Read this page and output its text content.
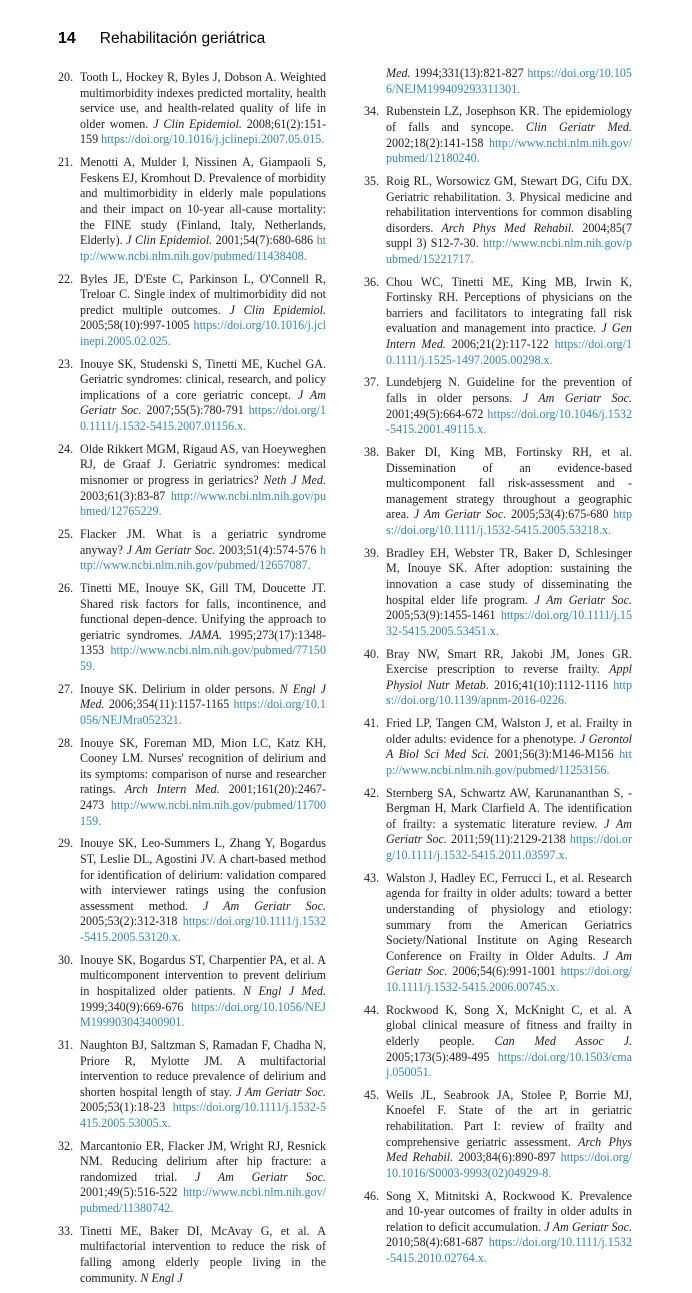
14 Rehabilitación geriátrica
20. Tooth L, Hockey R, Byles J, Dobson A. Weighted multimorbidity indexes predicted mortality, health service use, and health-related quality of life in older women. J Clin Epidemiol. 2008;61(2):151-159 https://doi.org/10.1016/j.jclinepi.2007.05.015.
21. Menotti A, Mulder I, Nissinen A, Giampaoli S, Feskens EJ, Kromhout D. Prevalence of morbidity and multimorbidity in elderly male populations and their impact on 10-year all-cause mortality: the FINE study (Finland, Italy, Netherlands, Elderly). J Clin Epidemiol. 2001;54(7):680-686 http://www.ncbi.nlm.nih.gov/pubmed/11438408.
22. Byles JE, D'Este C, Parkinson L, O'Connell R, Treloar C. Single index of multimorbidity did not predict multiple outcomes. J Clin Epidemiol. 2005;58(10):997-1005 https://doi.org/10.1016/j.jclinepi.2005.02.025.
23. Inouye SK, Studenski S, Tinetti ME, Kuchel GA. Geriatric syndromes: clinical, research, and policy implications of a core geriatric concept. J Am Geriatr Soc. 2007;55(5):780-791 https://doi.org/10.1111/j.1532-5415.2007.01156.x.
24. Olde Rikkert MGM, Rigaud AS, van Hoeyweghen RJ, de Graaf J. Geriatric syndromes: medical misnomer or progress in geriatrics? Neth J Med. 2003;61(3):83-87 http://www.ncbi.nlm.nih.gov/pubmed/12765229.
25. Flacker JM. What is a geriatric syndrome anyway? J Am Geriatr Soc. 2003;51(4):574-576 http://www.ncbi.nlm.nih.gov/pubmed/12657087.
26. Tinetti ME, Inouye SK, Gill TM, Doucette JT. Shared risk factors for falls, incontinence, and functional depen-dence. Unifying the approach to geriatric syndromes. JAMA. 1995;273(17):1348-1353 http://www.ncbi.nlm.nih.gov/pubmed/7715059.
27. Inouye SK. Delirium in older persons. N Engl J Med. 2006;354(11):1157-1165 https://doi.org/10.1056/NEJMra052321.
28. Inouye SK, Foreman MD, Mion LC, Katz KH, Cooney LM. Nurses' recognition of delirium and its symptoms: comparison of nurse and researcher ratings. Arch Intern Med. 2001;161(20):2467-2473 http://www.ncbi.nlm.nih.gov/pubmed/11700159.
29. Inouye SK, Leo-Summers L, Zhang Y, Bogardus ST, Leslie DL, Agostini JV. A chart-based method for identification of delirium: validation compared with interviewer ratings using the confusion assessment method. J Am Geriatr Soc. 2005;53(2):312-318 https://doi.org/10.1111/j.1532-5415.2005.53120.x.
30. Inouye SK, Bogardus ST, Charpentier PA, et al. A multicomponent intervention to prevent delirium in hospitalized older patients. N Engl J Med. 1999;340(9):669-676 https://doi.org/10.1056/NEJM199903043400901.
31. Naughton BJ, Saltzman S, Ramadan F, Chadha N, Priore R, Mylotte JM. A multifactorial intervention to reduce prevalence of delirium and shorten hospital length of stay. J Am Geriatr Soc. 2005;53(1):18-23 https://doi.org/10.1111/j.1532-5415.2005.53005.x.
32. Marcantonio ER, Flacker JM, Wright RJ, Resnick NM. Reducing delirium after hip fracture: a randomized trial. J Am Geriatr Soc. 2001;49(5):516-522 http://www.ncbi.nlm.nih.gov/pubmed/11380742.
33. Tinetti ME, Baker DI, McAvay G, et al. A multifactorial intervention to reduce the risk of falling among elderly people living in the community. N Engl J
Med. 1994;331(13):821-827 https://doi.org/10.1056/NEJM199409293311301.
34. Rubenstein LZ, Josephson KR. The epidemiology of falls and syncope. Clin Geriatr Med. 2002;18(2):141-158 http://www.ncbi.nlm.nih.gov/pubmed/12180240.
35. Roig RL, Worsowicz GM, Stewart DG, Cifu DX. Geriatric rehabilitation. 3. Physical medicine and rehabilitation interventions for common disabling disorders. Arch Phys Med Rehabil. 2004;85(7 suppl 3) S12-7-30. http://www.ncbi.nlm.nih.gov/pubmed/15221717.
36. Chou WC, Tinetti ME, King MB, Irwin K, Fortinsky RH. Perceptions of physicians on the barriers and facilitators to integrating fall risk evaluation and management into practice. J Gen Intern Med. 2006;21(2):117-122 https://doi.org/10.1111/j.1525-1497.2005.00298.x.
37. Lundebjerg N. Guideline for the prevention of falls in older persons. J Am Geriatr Soc. 2001;49(5):664-672 https://doi.org/10.1046/j.1532-5415.2001.49115.x.
38. Baker DI, King MB, Fortinsky RH, et al. Dissemination of an evidence-based multicomponent fall risk-assessment and -management strategy throughout a geographic area. J Am Geriatr Soc. 2005;53(4):675-680 https://doi.org/10.1111/j.1532-5415.2005.53218.x.
39. Bradley EH, Webster TR, Baker D, Schlesinger M, Inouye SK. After adoption: sustaining the innovation a case study of disseminating the hospital elder life program. J Am Geriatr Soc. 2005;53(9):1455-1461 https://doi.org/10.1111/j.1532-5415.2005.53451.x.
40. Bray NW, Smart RR, Jakobi JM, Jones GR. Exercise prescription to reverse frailty. Appl Physiol Nutr Metab. 2016;41(10):1112-1116 https://doi.org/10.1139/apnm-2016-0226.
41. Fried LP, Tangen CM, Walston J, et al. Frailty in older adults: evidence for a phenotype. J Gerontol A Biol Sci Med Sci. 2001;56(3):M146-M156 http://www.ncbi.nlm.nih.gov/pubmed/11253156.
42. Sternberg SA, Schwartz AW, Karunananthan S, -Bergman H, Mark Clarfield A. The identification of frailty: a systematic literature review. J Am Geriatr Soc. 2011;59(11):2129-2138 https://doi.org/10.1111/j.1532-5415.2011.03597.x.
43. Walston J, Hadley EC, Ferrucci L, et al. Research agenda for frailty in older adults: toward a better understanding of physiology and etiology: summary from the American Geriatrics Society/National Institute on Aging Research Conference on Frailty in Older Adults. J Am Geriatr Soc. 2006;54(6):991-1001 https://doi.org/10.1111/j.1532-5415.2006.00745.x.
44. Rockwood K, Song X, McKnight C, et al. A global clinical measure of fitness and frailty in elderly people. Can Med Assoc J. 2005;173(5):489-495 https://doi.org/10.1503/cmaj.050051.
45. Wells JL, Seabrook JA, Stolee P, Borrie MJ, Knoefel F. State of the art in geriatric rehabilitation. Part I: review of frailty and comprehensive geriatric assessment. Arch Phys Med Rehabil. 2003;84(6):890-897 https://doi.org/10.1016/S0003-9993(02)04929-8.
46. Song X, Mitnitski A, Rockwood K. Prevalence and 10-year outcomes of frailty in older adults in relation to deficit accumulation. J Am Geriatr Soc. 2010;58(4):681-687 https://doi.org/10.1111/j.1532-5415.2010.02764.x.
